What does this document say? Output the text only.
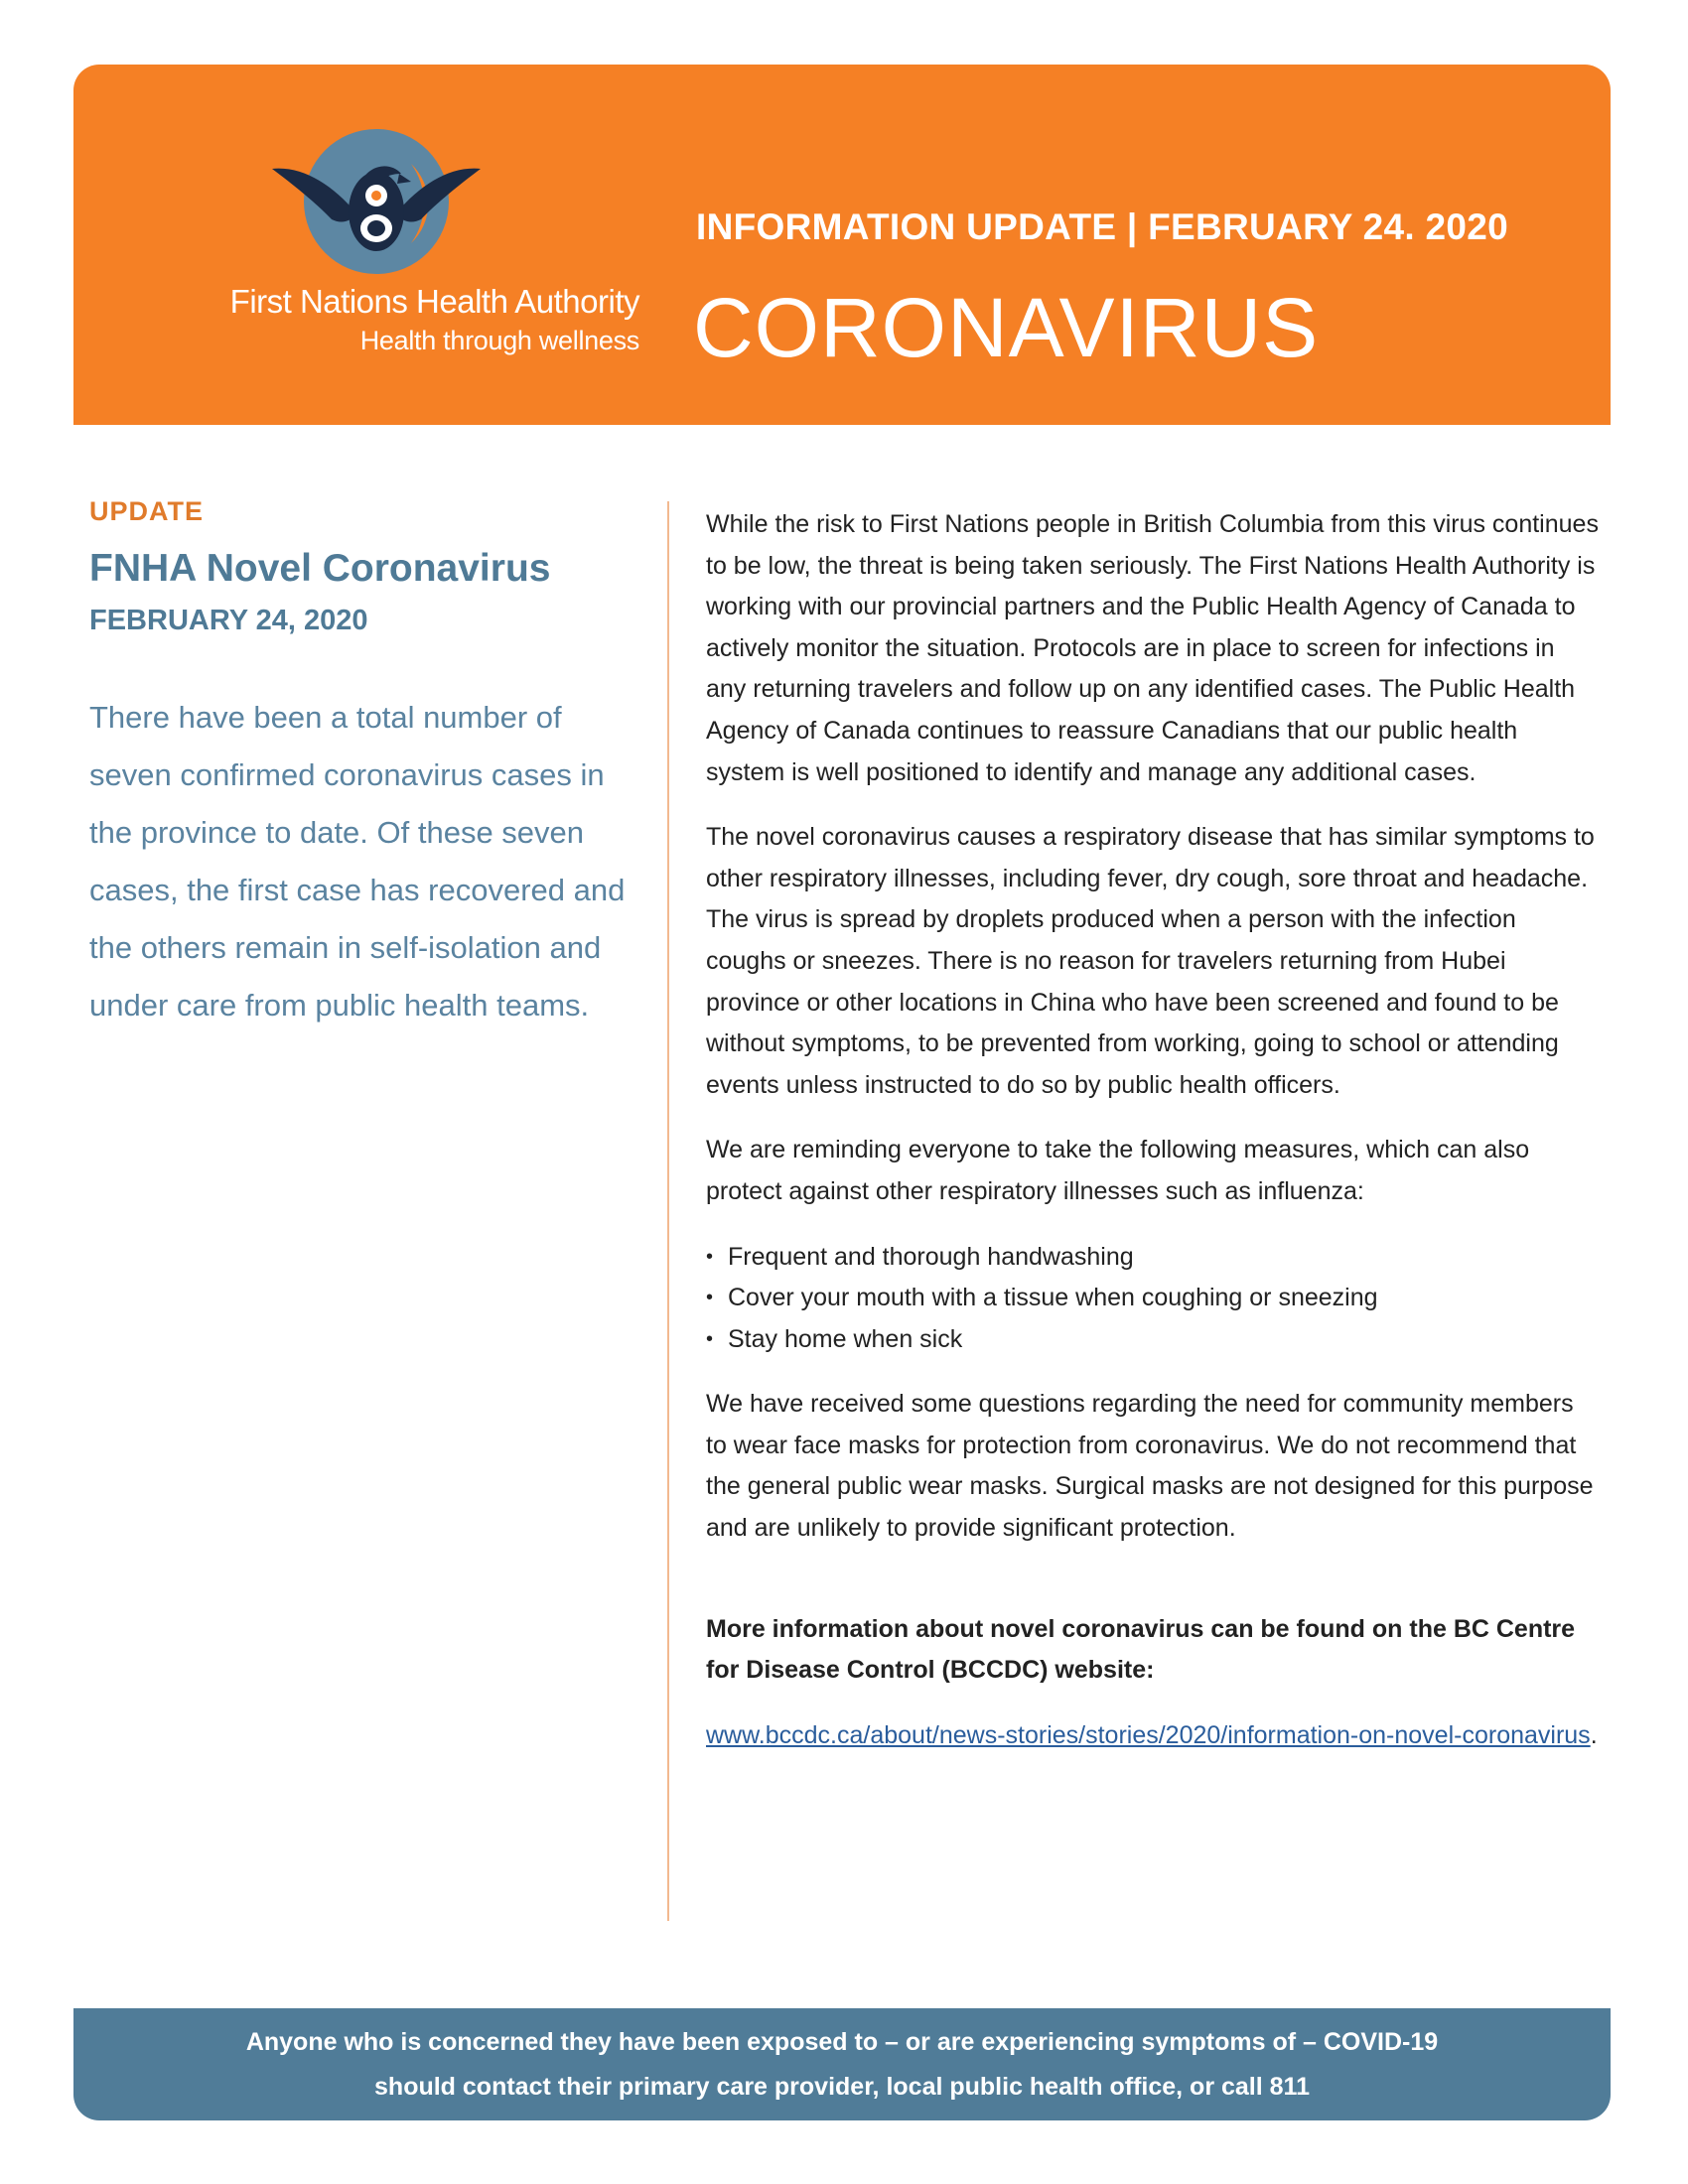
First Nations Health Authority
Health through wellness
INFORMATION UPDATE | FEBRUARY 24. 2020
CORONAVIRUS
UPDATE
FNHA Novel Coronavirus
FEBRUARY 24, 2020
There have been a total number of seven confirmed coronavirus cases in the province to date. Of these seven cases, the first case has recovered and the others remain in self-isolation and under care from public health teams.

While the risk to First Nations people in British Columbia from this virus continues to be low, the threat is being taken seriously. The First Nations Health Authority is working with our provincial partners and the Public Health Agency of Canada to actively monitor the situation. Protocols are in place to screen for infections in any returning travelers and follow up on any identified cases. The Public Health Agency of Canada continues to reassure Canadians that our public health system is well positioned to identify and manage any additional cases.

The novel coronavirus causes a respiratory disease that has similar symptoms to other respiratory illnesses, including fever, dry cough, sore throat and headache. The virus is spread by droplets produced when a person with the infection coughs or sneezes. There is no reason for travelers returning from Hubei province or other locations in China who have been screened and found to be without symptoms, to be prevented from working, going to school or attending events unless instructed to do so by public health officers.

We are reminding everyone to take the following measures, which can also protect against other respiratory illnesses such as influenza:

• Frequent and thorough handwashing
• Cover your mouth with a tissue when coughing or sneezing
• Stay home when sick

We have received some questions regarding the need for community members to wear face masks for protection from coronavirus. We do not recommend that the general public wear masks. Surgical masks are not designed for this purpose and are unlikely to provide significant protection.

More information about novel coronavirus can be found on the BC Centre for Disease Control (BCCDC) website:

www.bccdc.ca/about/news-stories/stories/2020/information-on-novel-coronavirus.

Anyone who is concerned they have been exposed to – or are experiencing symptoms of – COVID-19
should contact their primary care provider, local public health office, or call 811
